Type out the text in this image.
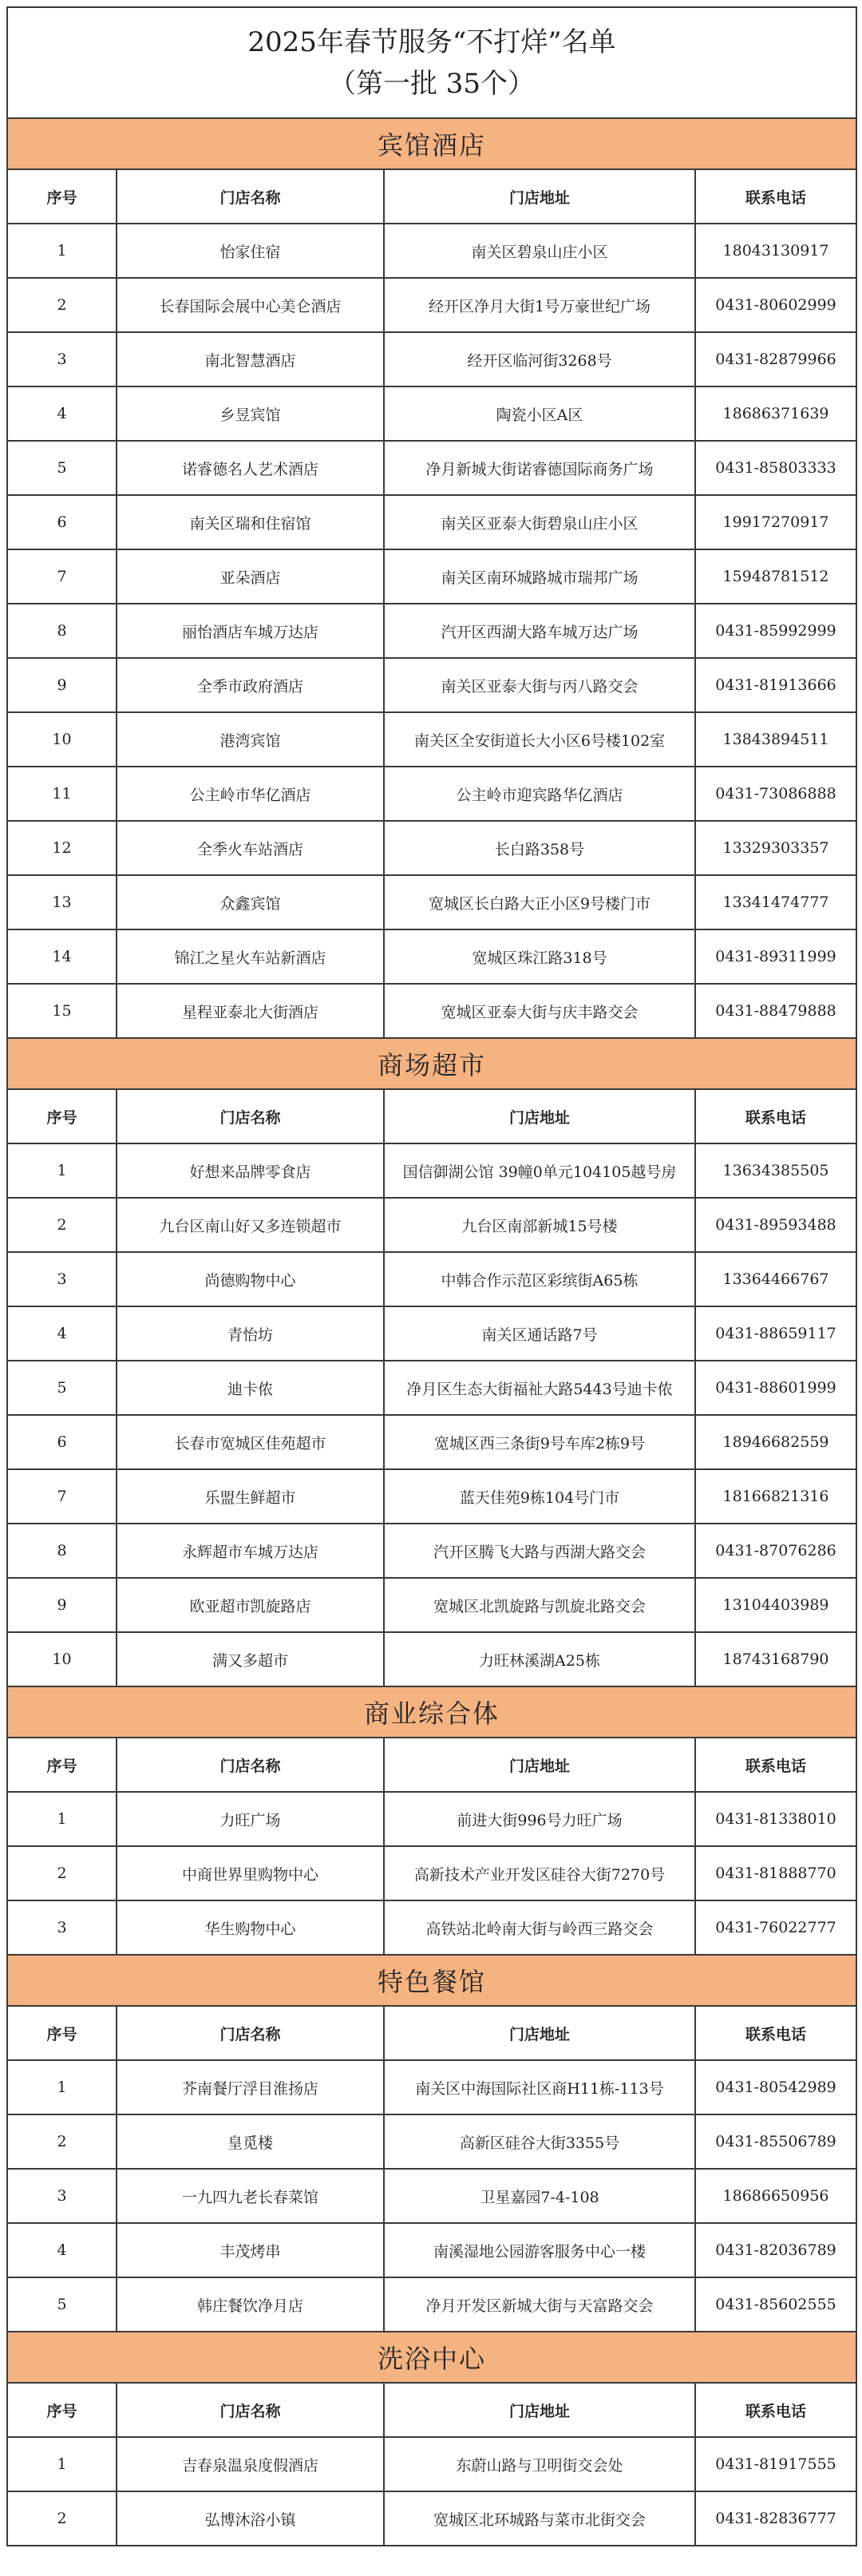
2025年春节服务“不打烊”名单
（第一批 35个）			

宾馆酒店			
序号	门店名称	门店地址	联系电话
1	怡家住宿	南关区碧泉山庄小区	18043130917
2	长春国际会展中心美仑酒店	经开区净月大街1号万豪世纪广场	0431-80602999
3	南北智慧酒店	经开区临河街3268号	0431-82879966
4	乡昱宾馆	陶瓷小区A区	18686371639
5	诺睿德名人艺术酒店	净月新城大街诺睿德国际商务广场	0431-85803333
6	南关区瑞和住宿馆	南关区亚泰大街碧泉山庄小区	19917270917
7	亚朵酒店	南关区南环城路城市瑞邦广场	15948781512
8	丽怡酒店车城万达店	汽开区西湖大路车城万达广场	0431-85992999
9	全季市政府酒店	南关区亚泰大街与丙八路交会	0431-81913666
10	港湾宾馆	南关区全安街道长大小区6号楼102室	13843894511
11	公主岭市华亿酒店	公主岭市迎宾路华亿酒店	0431-73086888
12	全季火车站酒店	长白路358号	13329303357
13	众鑫宾馆	宽城区长白路大正小区9号楼门市	13341474777
14	锦江之星火车站新酒店	宽城区珠江路318号	0431-89311999
15	星程亚泰北大街酒店	宽城区亚泰大街与庆丰路交会	0431-88479888
商场超市			
序号	门店名称	门店地址	联系电话
1	好想来品牌零食店	国信御湖公馆 39幢0单元104105越号房	13634385505
2	九台区南山好又多连锁超市	九台区南部新城15号楼	0431-89593488
3	尚德购物中心	中韩合作示范区彩缤街A65栋	13364466767
4	青怡坊	南关区通话路7号	0431-88659117
5	迪卡侬	净月区生态大街福祉大路5443号迪卡侬	0431-88601999
6	长春市宽城区佳苑超市	宽城区西三条街9号车库2栋9号	18946682559
7	乐盟生鲜超市	蓝天佳苑9栋104号门市	18166821316
8	永辉超市车城万达店	汽开区腾飞大路与西湖大路交会	0431-87076286
9	欧亚超市凯旋路店	宽城区北凯旋路与凯旋北路交会	13104403989
10	满又多超市	力旺林溪湖A25栋	18743168790
商业综合体			
序号	门店名称	门店地址	联系电话
1	力旺广场	前进大街996号力旺广场	0431-81338010
2	中商世界里购物中心	高新技术产业开发区硅谷大街7270号	0431-81888770
3	华生购物中心	高铁站北岭南大街与岭西三路交会	0431-76022777
特色餐馆			
序号	门店名称	门店地址	联系电话
1	芥南餐厅浮目淮扬店	南关区中海国际社区商H11栋-113号	0431-80542989
2	皇觅楼	高新区硅谷大街3355号	0431-85506789
3	一九四九老长春菜馆	卫星嘉园7-4-108	18686650956
4	丰茂烤串	南溪湿地公园游客服务中心一楼	0431-82036789
5	韩庄餐饮净月店	净月开发区新城大街与天富路交会	0431-85602555
洗浴中心			
序号	门店名称	门店地址	联系电话
1	吉春泉温泉度假酒店	东蔚山路与卫明街交会处	0431-81917555
2	弘博沐浴小镇	宽城区北环城路与菜市北街交会	0431-82836777
